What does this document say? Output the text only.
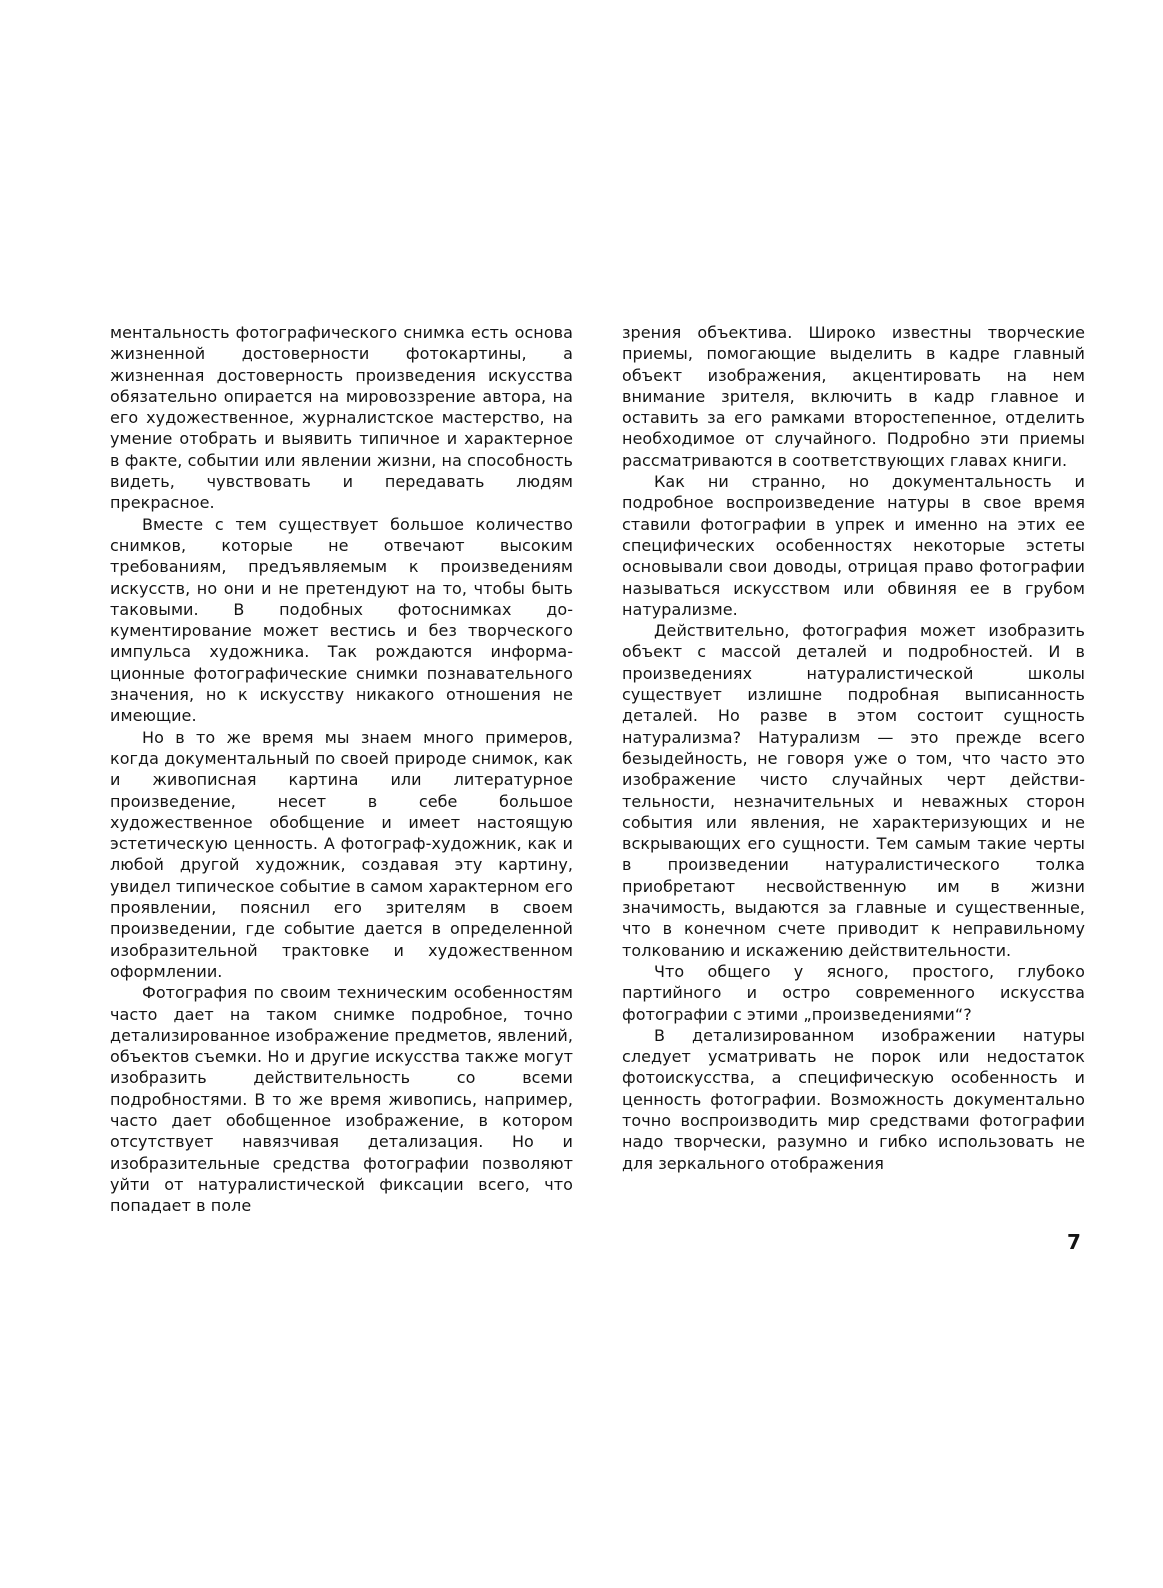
ментальность фотографического снимка есть основа жизненной достоверности фотокартины, а жизненная достоверность произведения искусства обязательно опирается на мировоззрение автора, на его художественное, журналистское мастерство, на умение отобрать и выявить типичное и характерное в факте, событии или явлении жизни, на способность видеть, чувствовать и передавать людям прекрасное.

Вместе с тем существует большое количество снимков, которые не отвечают высоким требованиям, предъявляемым к произведениям искусств, но они и не претендуют на то, чтобы быть таковыми. В подобных фотоснимках документирование может вестись и без творческого импульса художника. Так рождаются информационные фотографические снимки познавательного значения, но к искусству никакого отношения не имеющие.

Но в то же время мы знаем много примеров, когда документальный по своей природе снимок, как и живописная картина или литературное произведение, несет в себе большое художественное обобщение и имеет настоящую эстетическую ценность. А фотограф-художник, как и любой другой художник, создавая эту картину, увидел типическое событие в самом характерном его проявлении, пояснил его зрителям в своем произведении, где событие дается в определенной изобразительной трактовке и художественном оформлении.

Фотография по своим техническим особенностям часто дает на таком снимке подробное, точно детализированное изображение предметов, явлений, объектов съемки. Но и другие искусства также могут изобразить действительность со всеми подробностями. В то же время живопись, например, часто дает обобщенное изображение, в котором отсутствует навязчивая детализация. Но и изобразительные средства фотографии позволяют уйти от натуралистической фиксации всего, что попадает в поле

зрения объектива. Широко известны творческие приемы, помогающие выделить в кадре главный объект изображения, акцентировать на нем внимание зрителя, включить в кадр главное и оставить за его рамками второстепенное, отделить необходимое от случайного. Подробно эти приемы рассматриваются в соответствующих главах книги.

Как ни странно, но документальность и подробное воспроизведение натуры в свое время ставили фотографии в упрек и именно на этих ее специфических особенностях некоторые эстеты основывали свои доводы, отрицая право фотографии называться искусством или обвиняя ее в грубом натурализме.

Действительно, фотография может изобразить объект с массой деталей и подробностей. И в произведениях натуралистической школы существует излишне подробная выписанность деталей. Но разве в этом состоит сущность натурализма? Натурализм — это прежде всего безыдейность, не говоря уже о том, что часто это изображение чисто случайных черт действительности, незначительных и неважных сторон события или явления, не характеризующих и не вскрывающих его сущности. Тем самым такие черты в произведении натуралистического толка приобретают несвойственную им в жизни значимость, выдаются за главные и существенные, что в конечном счете приводит к неправильному толкованию и искажению действительности.

Что общего у ясного, простого, глубоко партийного и остро современного искусства фотографии с этими „произведениями“?

В детализированном изображении натуры следует усматривать не порок или недостаток фотоискусства, а специфическую особенность и ценность фотографии. Возможность документально точно воспроизводить мир средствами фотографии надо творчески, разумно и гибко использовать не для зеркального отображения

7
